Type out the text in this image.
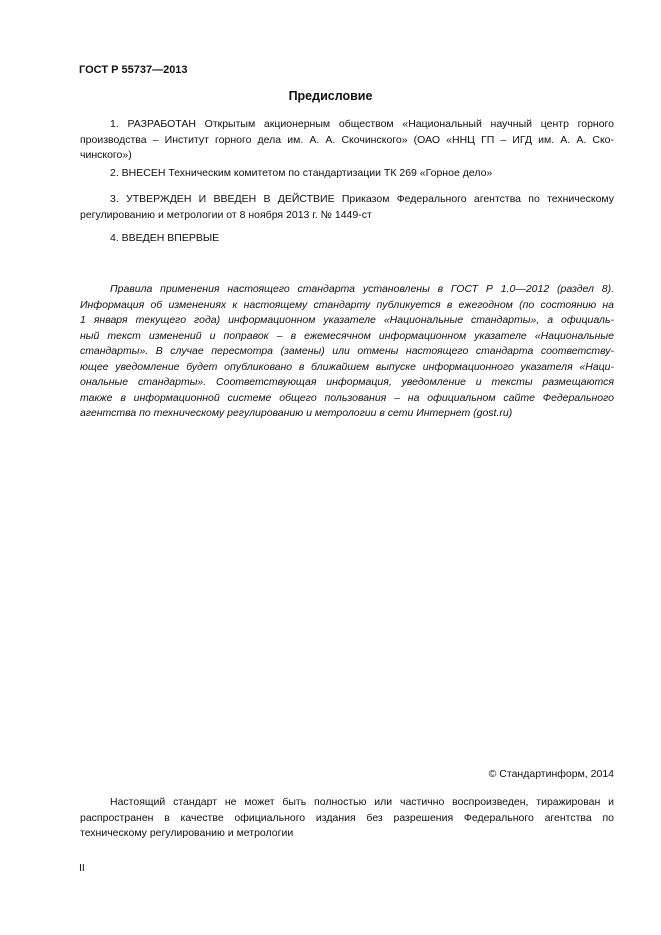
ГОСТ Р 55737—2013
Предисловие
1. РАЗРАБОТАН Открытым акционерным обществом «Национальный научный центр горного
производства – Институт горного дела им. А. А. Скочинского» (ОАО «ННЦ ГП – ИГД им. А. А. Ско-
чинского»)
2. ВНЕСЕН Техническим комитетом по стандартизации ТК 269 «Горное дело»
3. УТВЕРЖДЕН И ВВЕДЕН В ДЕЙСТВИЕ Приказом Федерального агентства по техническому
регулированию и метрологии от 8 ноября 2013 г. № 1449-ст
4. ВВЕДЕН ВПЕРВЫЕ
Правила применения настоящего стандарта установлены в ГОСТ Р 1.0—2012 (раздел 8).
Информация об изменениях к настоящему стандарту публикуется в ежегодном (по состоянию на
1 января текущего года) информационном указателе «Национальные стандарты», а официаль-
ный текст изменений и поправок – в ежемесячном информационном указателе «Национальные
стандарты». В случае пересмотра (замены) или отмены настоящего стандарта соответству-
ющее уведомление будет опубликовано в ближайшем выпуске информационного указателя «Наци-
ональные стандарты». Соответствующая информация, уведомление и тексты размещаются
также в информационной системе общего пользования – на официальном сайте Федерального
агентства по техническому регулированию и метрологии в сети Интернет (gost.ru)
© Стандартинформ, 2014
Настоящий стандарт не может быть полностью или частично воспроизведен, тиражирован и
распространен в качестве официального издания без разрешения Федерального агентства по
техническому регулированию и метрологии
II
